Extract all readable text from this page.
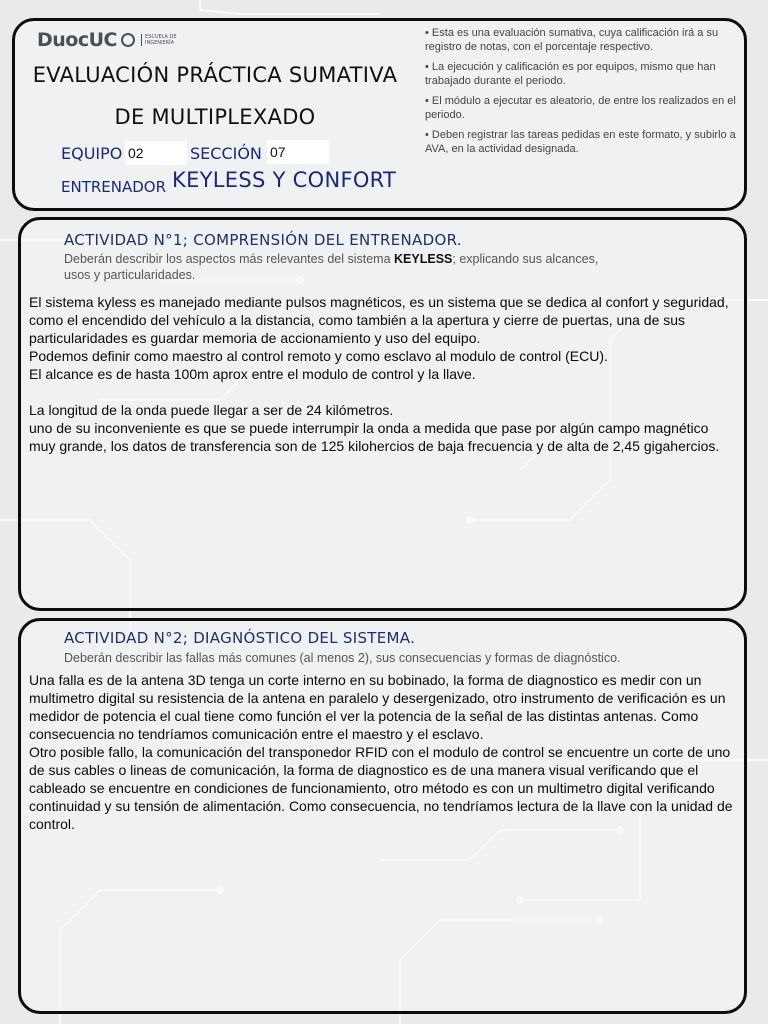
DuocUC	ESCUELA DE INGENIERÍA
EVALUACIÓN PRÁCTICA SUMATIVA
DE MULTIPLEXADO
EQUIPO 02	SECCIÓN 07
ENTRENADOR KEYLESS Y CONFORT
• Esta es una evaluación sumativa, cuya calificación irá a su registro de notas, con el porcentaje respectivo.
• La ejecución y calificación es por equipos, mismo que han trabajado durante el periodo.
• El módulo a ejecutar es aleatorio, de entre los realizados en el periodo.
• Deben registrar las tareas pedidas en este formato, y subirlo a AVA, en la actividad designada.
ACTIVIDAD N°1; COMPRENSIÓN DEL ENTRENADOR.
Deberán describir los aspectos más relevantes del sistema KEYLESS; explicando sus alcances, usos y particularidades.

El sistema kyless es manejado mediante pulsos magnéticos, es un sistema que se dedica al confort y seguridad, como el encendido del vehículo a la distancia, como también a la apertura y cierre de puertas, una de sus particularidades es guardar memoria de accionamiento y uso del equipo.
Podemos definir como maestro al control remoto y como esclavo al modulo de control (ECU).
El alcance es de hasta 100m aprox entre el modulo de control y la llave.

La longitud de la onda puede llegar a ser de 24 kilómetros.
uno de su inconveniente es que se puede interrumpir la onda a medida que pase por algún campo magnético muy grande, los datos de transferencia son de 125 kilohercios de baja frecuencia y de alta de 2,45 gigahercios.

ACTIVIDAD N°2; DIAGNÓSTICO DEL SISTEMA.
Deberán describir las fallas más comunes (al menos 2), sus consecuencias y formas de diagnóstico.

Una falla es de la antena 3D tenga un corte interno en su bobinado, la forma de diagnostico es medir con un multimetro digital su resistencia de la antena en paralelo y desergenizado, otro instrumento de verificación es un medidor de potencia el cual tiene como función el ver la potencia de la señal de las distintas antenas. Como consecuencia no tendríamos comunicación entre el maestro y el esclavo.
Otro posible fallo, la comunicación del transponedor RFID con el modulo de control se encuentre un corte de uno de sus cables o lineas de comunicación, la forma de diagnostico es de una manera visual verificando que el cableado se encuentre en condiciones de funcionamiento, otro método es con un multimetro digital verificando continuidad y su tensión de alimentación. Como consecuencia, no tendríamos lectura de la llave con la unidad de control.
